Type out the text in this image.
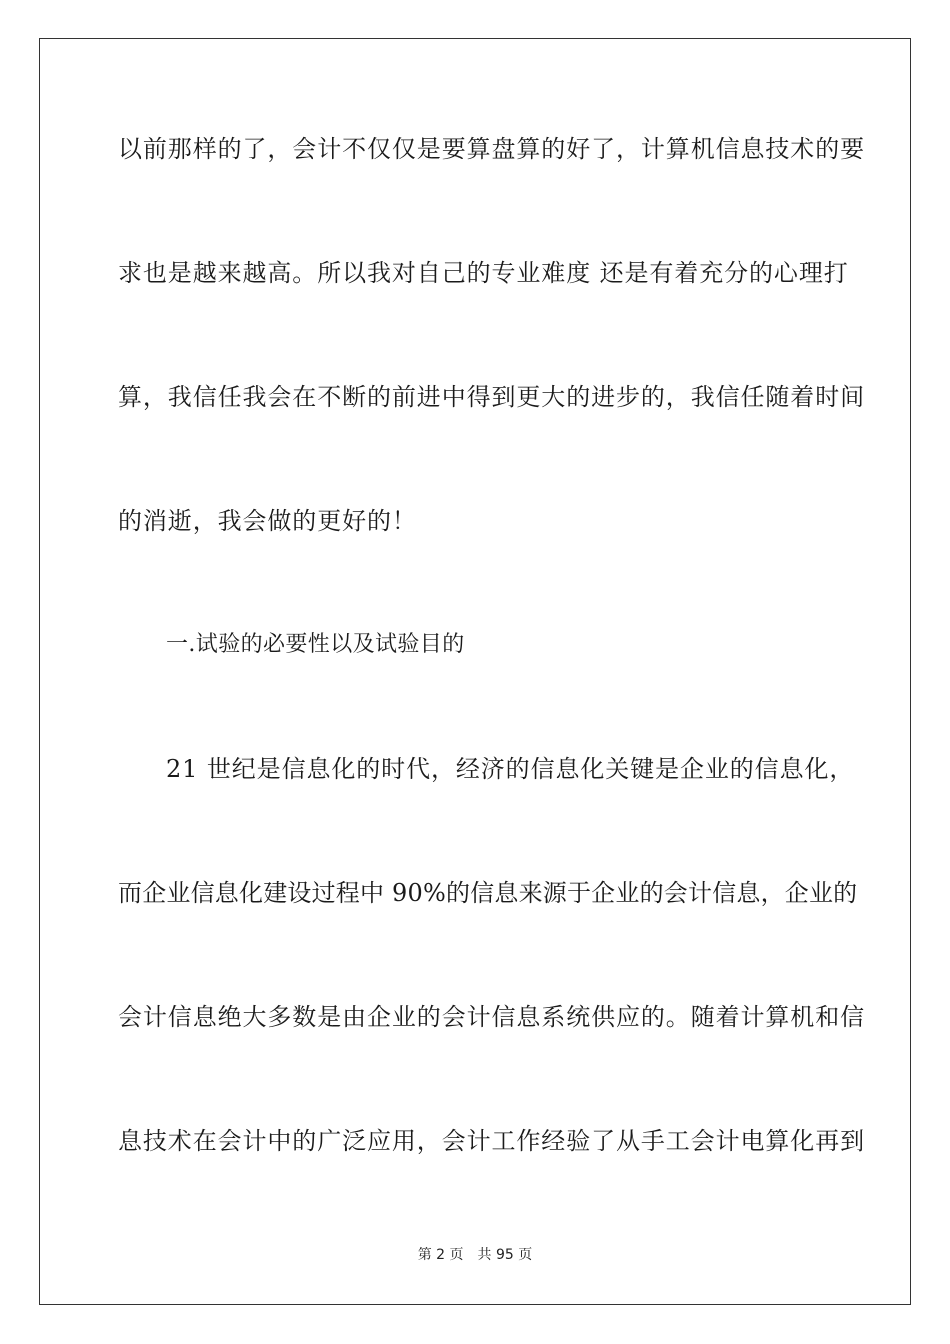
以前那样的了，会计不仅仅是要算盘算的好了，计算机信息技术的要
求也是越来越高。所以我对自己的专业难度 还是有着充分的心理打
算，我信任我会在不断的前进中得到更大的进步的，我信任随着时间
的消逝，我会做的更好的！
一.试验的必要性以及试验目的
21 世纪是信息化的时代，经济的信息化关键是企业的信息化，
而企业信息化建设过程中 90%的信息来源于企业的会计信息，企业的
会计信息绝大多数是由企业的会计信息系统供应的。随着计算机和信
息技术在会计中的广泛应用，会计工作经验了从手工会计电算化再到
第 2 页 共 95 页
